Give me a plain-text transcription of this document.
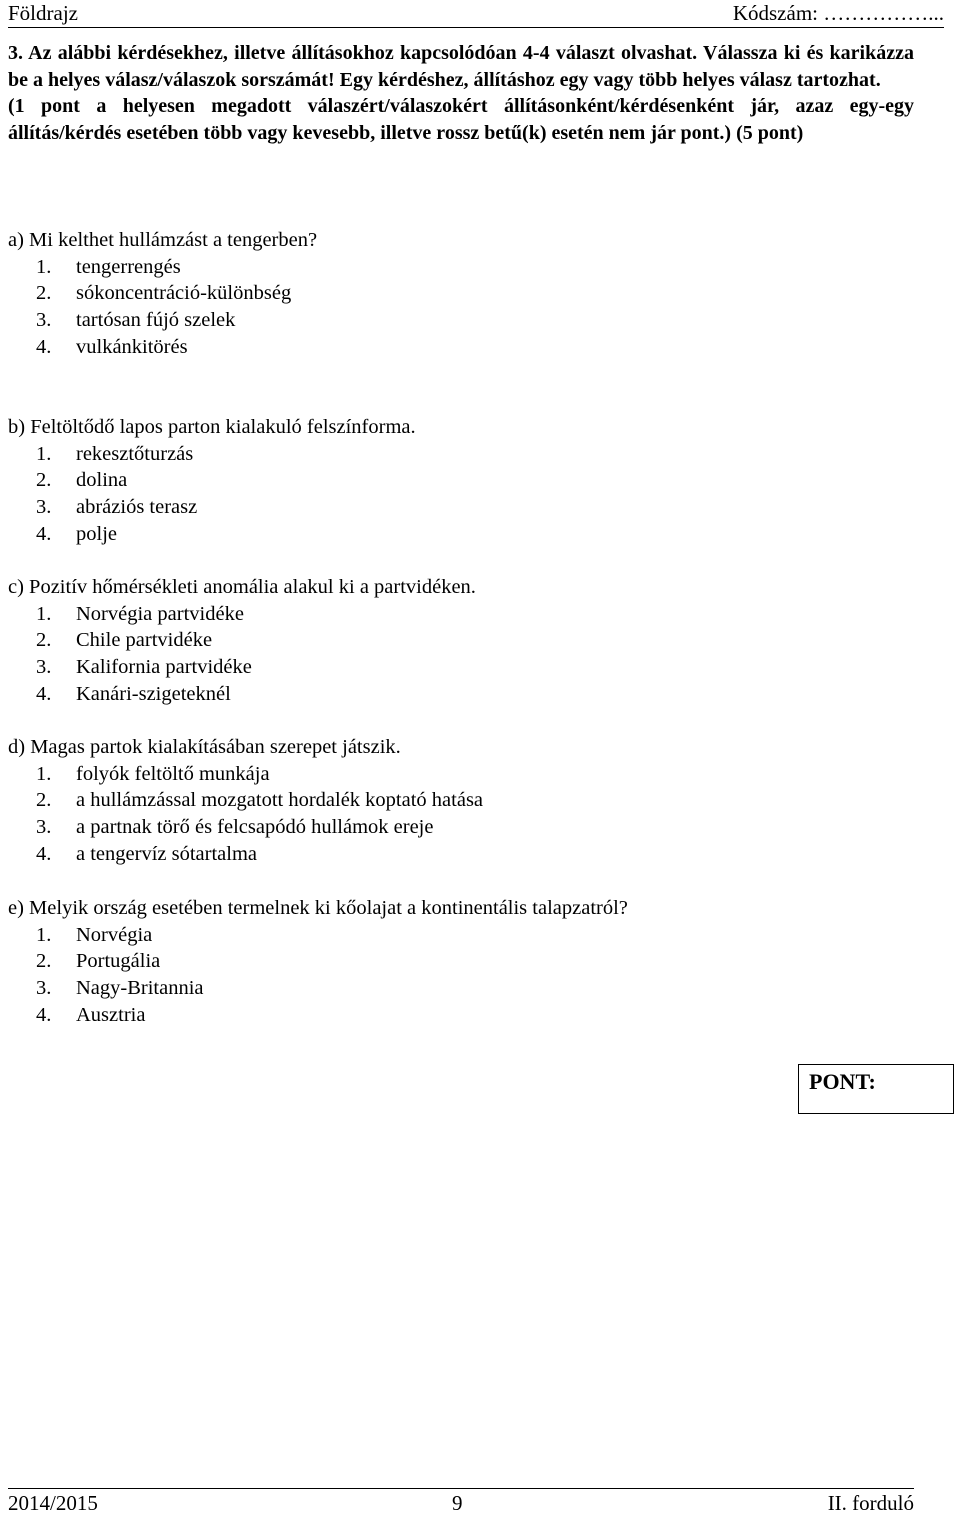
Földrajz	Kódszám: ……………...

3. Az alábbi kérdésekhez, illetve állításokhoz kapcsolódóan 4-4 választ olvashat. Válassza ki és karikázza be a helyes válasz/válaszok sorszámát! Egy kérdéshez, állításhoz egy vagy több helyes válasz tartozhat.

(1 pont a helyesen megadott válaszért/válaszokért állításonként/kérdésenként jár, azaz egy-egy állítás/kérdés esetében több vagy kevesebb, illetve rossz betű(k) esetén nem jár pont.) (5 pont)

a) Mi kelthet hullámzást a tengerben?

1. tengerrengés
2. sókoncentráció-különbség
3. tartósan fújó szelek
4. vulkánkitörés

b) Feltöltődő lapos parton kialakuló felszínforma.

1. rekesztőturzás
2. dolina
3. abráziós terasz
4. polje

c) Pozitív hőmérsékleti anomália alakul ki a partvidéken.

1. Norvégia partvidéke
2. Chile partvidéke
3. Kalifornia partvidéke
4. Kanári-szigeteknél

d) Magas partok kialakításában szerepet játszik.

1. folyók feltöltő munkája
2. a hullámzással mozgatott hordalék koptató hatása
3. a partnak törő és felcsapódó hullámok ereje
4. a tengervíz sótartalma

e) Melyik ország esetében termelnek ki kőolajat a kontinentális talapzatról?

1. Norvégia
2. Portugália
3. Nagy-Britannia
4. Ausztria
PONT:
2014/2015	9	II. forduló
